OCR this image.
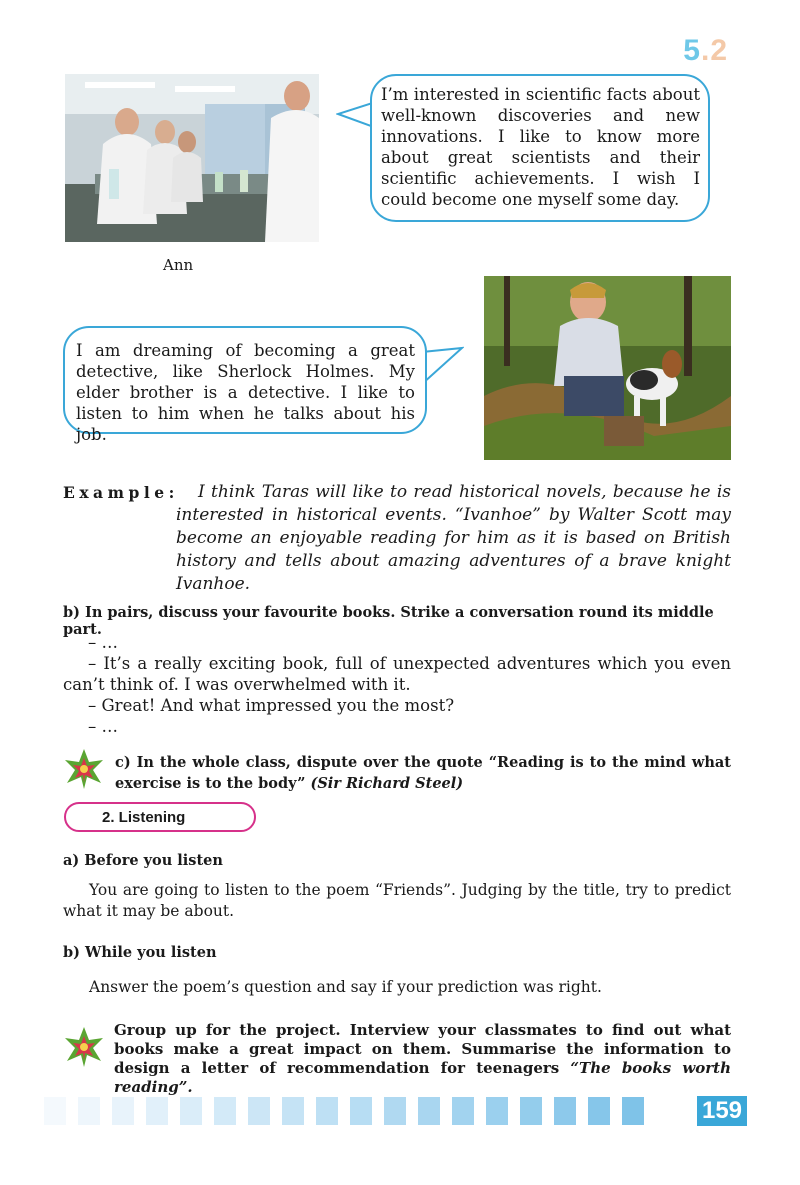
5.2
I’m interested in scientific facts about well-known discoveries and new innovations. I like to know more about great scientists and their scientific achievements. I wish I could become one myself some day.
Ann
I am dreaming of becoming a great detective, like Sherlock Holmes. My elder brother is a detective. I like to listen to him when he talks about his job.
Example:	I think Taras will like to read historical novels, because he is interested in historical events. “Ivanhoe” by Walter Scott may become an enjoyable reading for him as it is based on British history and tells about amazing adventures of a brave knight Ivanhoe.
b) In pairs, discuss your favourite books. Strike a conversation round its middle part.

– …

– It’s a really exciting book, full of unexpected adventures which you even can’t think of. I was overwhelmed with it.

– Great! And what impressed you the most?

– …

c) In the whole class, dispute over the quote “Reading is to the mind what exercise is to the body” (Sir Richard Steel)
2. Listening
a) Before you listen
You are going to listen to the poem “Friends”. Judging by the title, try to predict what it may be about.
b) While you listen
Answer the poem’s question and say if your prediction was right.
Group up for the project. Interview your classmates to find out what books make a great impact on them. Summarise the information to design a letter of recommendation for teenagers “The books worth reading”.
159
